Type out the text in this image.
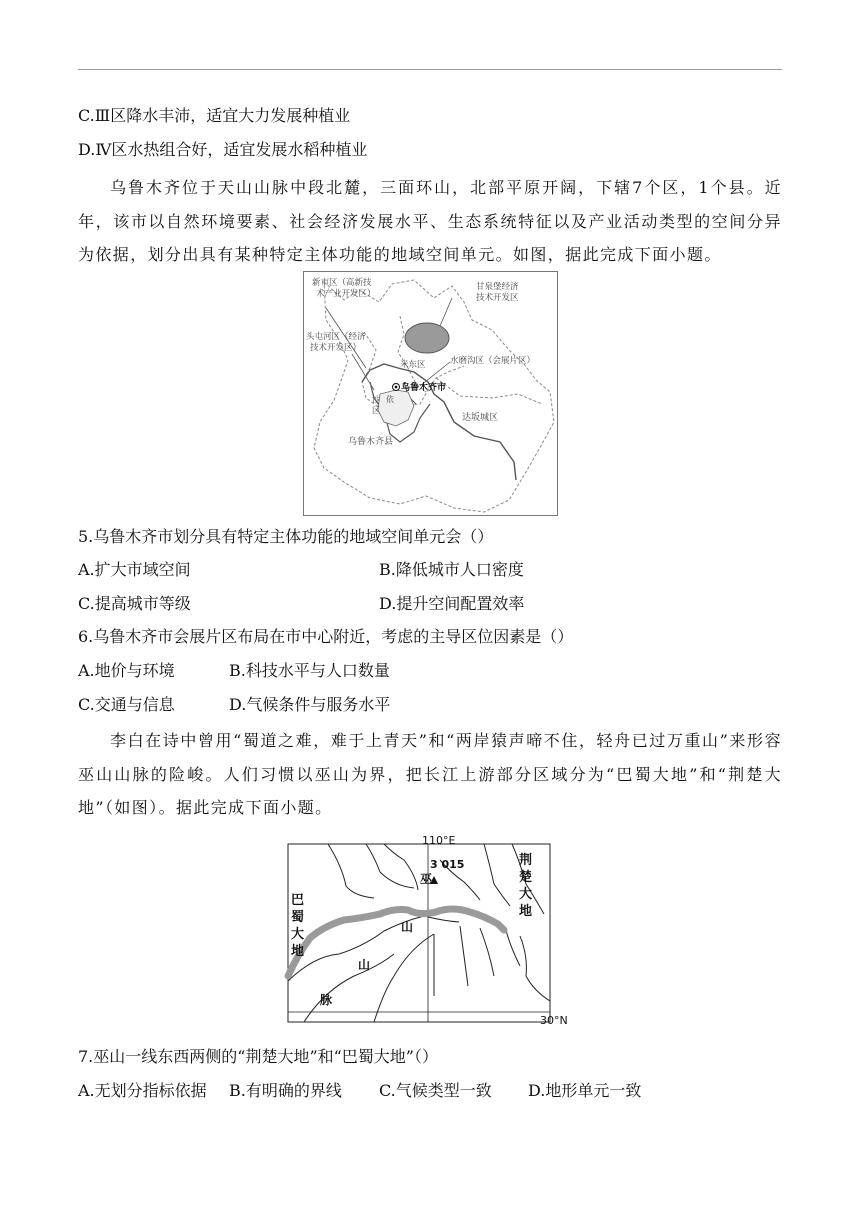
C.Ⅲ区降水丰沛，适宜大力发展种植业
D.Ⅳ区水热组合好，适宜发展水稻种植业
乌鲁木齐位于天山山脉中段北麓，三面环山，北部平原开阔，下辖7个区，1个县。近年，该市以自然环境要素、社会经济发展水平、生态系统特征以及产业活动类型的空间分异为依据，划分出具有某种特定主体功能的地域空间单元。如图，据此完成下面小题。
新市区（高新技
术产业开发区）
甘泉堡经济
技术开发区
头屯河区（经济
技术开发区）
米东区	水磨沟区（会展片区）
乌鲁木齐市
沙 依
区
达坂城区
乌鲁木齐县
5.乌鲁木齐市划分具有特定主体功能的地域空间单元会（）
A.扩大市域空间	B.降低城市人口密度
C.提高城市等级	D.提升空间配置效率
6.乌鲁木齐市会展片区布局在市中心附近，考虑的主导区位因素是（）
A.地价与环境	B.科技水平与人口数量
C.交通与信息	D.气候条件与服务水平
李白在诗中曾用“蜀道之难，难于上青天”和“两岸猿声啼不住，轻舟已过万重山”来形容巫山山脉的险峻。人们习惯以巫山为界，把长江上游部分区域分为“巴蜀大地”和“荆楚大地”（如图）。据此完成下面小题。
110°E
30°N
3 015	荆
楚
大
地
巴
蜀
大
地
巫
山
山
脉
7.巫山一线东西两侧的“荆楚大地”和“巴蜀大地”（）
A.无划分指标依据 B.有明确的界线 C.气候类型一致 D.地形单元一致
